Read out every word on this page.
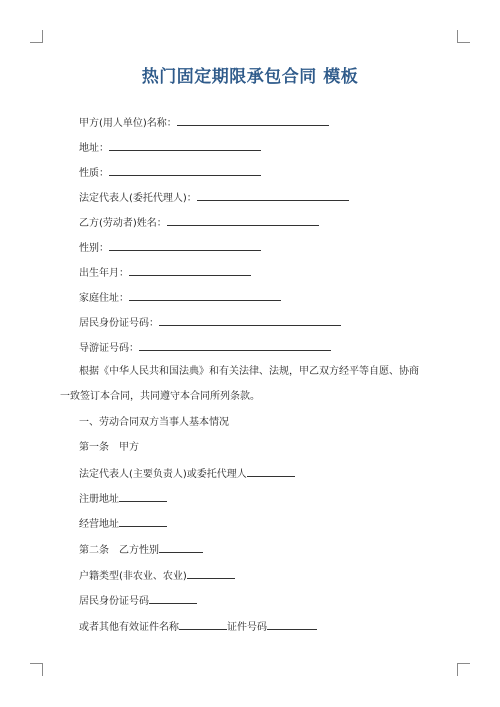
热门固定期限承包合同 模板
甲方(用人单位)名称：
地址：
性质：
法定代表人(委托代理人)：
乙方(劳动者)姓名：
性别：
出生年月：
家庭住址：
居民身份证号码：
导游证号码：
根据《中华人民共和国法典》和有关法律、法规，甲乙双方经平等自愿、协商
一致签订本合同，共同遵守本合同所列条款。
一、劳动合同双方当事人基本情况
第一条　甲方
法定代表人(主要负责人)或委托代理人
注册地址
经营地址
第二条　乙方性别
户籍类型(非农业、农业)
居民身份证号码
或者其他有效证件名称	证件号码
